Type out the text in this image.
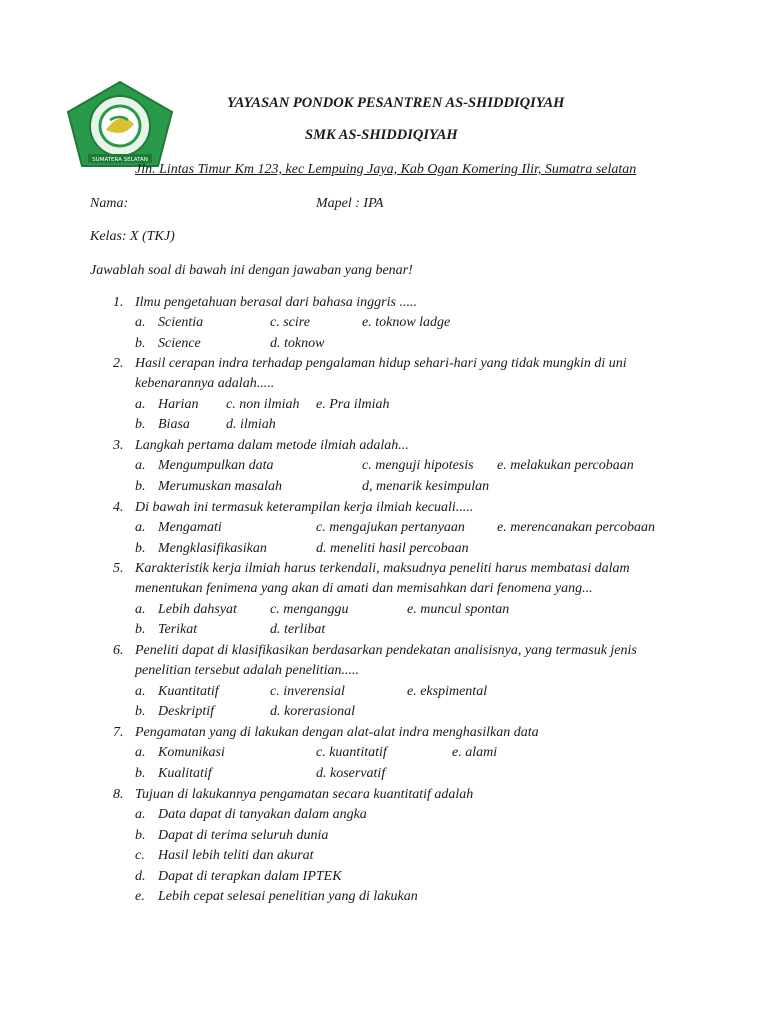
SUMATERA SELATAN
YAYASAN PONDOK PESANTREN AS-SHIDDIQIYAH
SMK AS-SHIDDIQIYAH
Jln. Lintas Timur Km 123, kec Lempuing Jaya, Kab Ogan Komering Ilir, Sumatra selatan
Nama:	Mapel : IPA
Kelas: X (TKJ)
Jawablah soal di bawah ini dengan jawaban yang benar!
1. Ilmu pengetahuan berasal dari bahasa inggris .....
a. Scientia	c. scire	e. toknow ladge
b. Science	d. toknow
2. Hasil cerapan indra terhadap pengalaman hidup sehari-hari yang tidak mungkin di uni
kebenarannya adalah.....
a. Harian c. non ilmiah e. Pra ilmiah
b. Biasa	d. ilmiah
3. Langkah pertama dalam metode ilmiah adalah...
a. Mengumpulkan data	c. menguji hipotesis e. melakukan percobaan
b. Merumuskan masalah	d, menarik kesimpulan
4. Di bawah ini termasuk keterampilan kerja ilmiah kecuali.....
a. Mengamati	c. mengajukan pertanyaan e. merencanakan percobaan
b. Mengklasifikasikan	d. meneliti hasil percobaan
5. Karakteristik kerja ilmiah harus terkendali, maksudnya peneliti harus membatasi dalam
menentukan fenimena yang akan di amati dan memisahkan dari fenomena yang...
a. Lebih dahsyat c. menganggu	e. muncul spontan
b. Terikat	d. terlibat
6. Peneliti dapat di klasifikasikan berdasarkan pendekatan analisisnya, yang termasuk jenis
penelitian tersebut adalah penelitian.....
a. Kuantitatif	c. inverensial	e. ekspimental
b. Deskriptif	d. korerasional
7. Pengamatan yang di lakukan dengan alat-alat indra menghasilkan data
a. Komunikasi	c. kuantitatif	e. alami
b. Kualitatif	d. koservatif
8. Tujuan di lakukannya pengamatan secara kuantitatif adalah
a. Data dapat di tanyakan dalam angka
b. Dapat di terima seluruh dunia
c. Hasil lebih teliti dan akurat
d. Dapat di terapkan dalam IPTEK
e. Lebih cepat selesai penelitian yang di lakukan
